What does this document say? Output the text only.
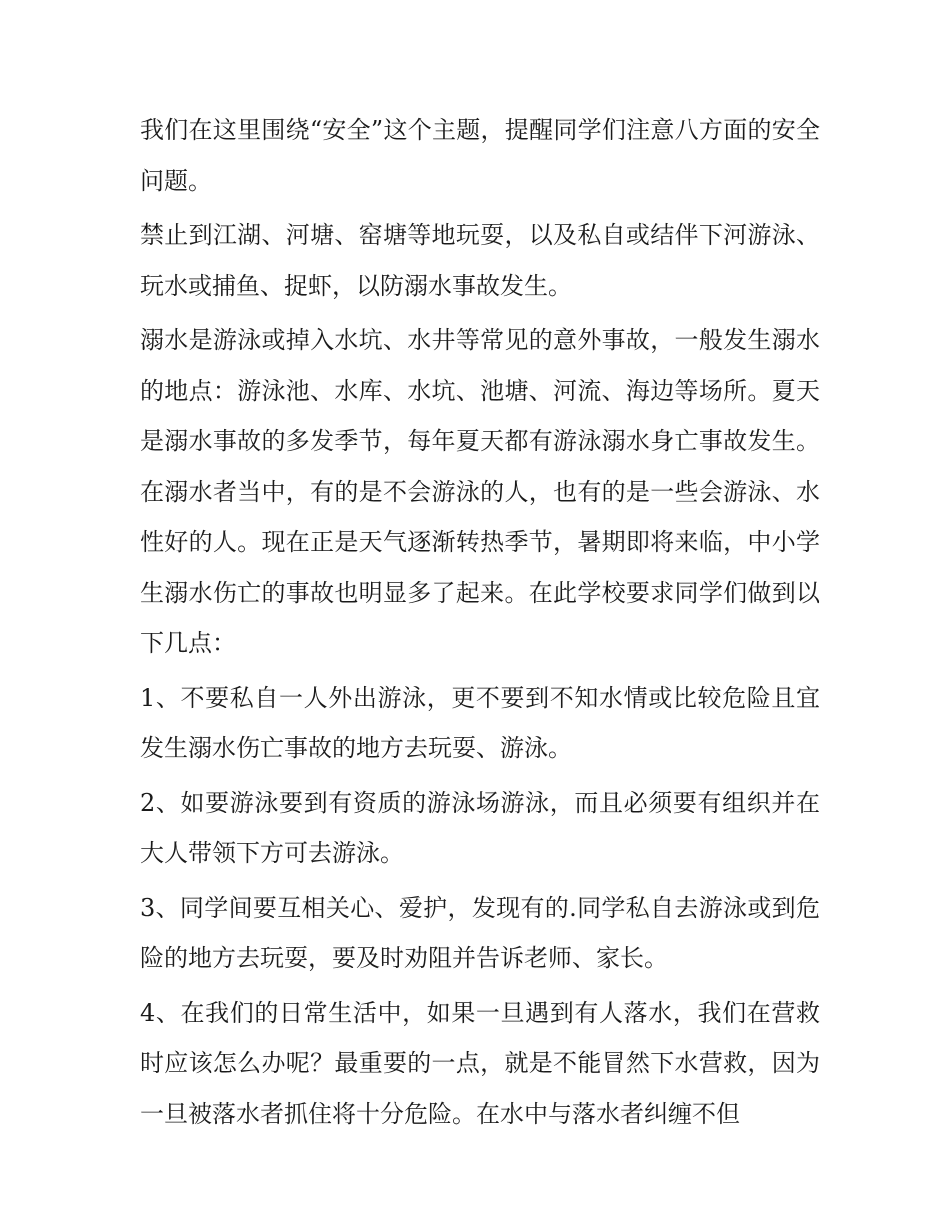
我们在这里围绕“安全”这个主题，提醒同学们注意八方面的安全问题。

禁止到江湖、河塘、窑塘等地玩耍，以及私自或结伴下河游泳、玩水或捕鱼、捉虾，以防溺水事故发生。

溺水是游泳或掉入水坑、水井等常见的意外事故，一般发生溺水的地点：游泳池、水库、水坑、池塘、河流、海边等场所。夏天是溺水事故的多发季节，每年夏天都有游泳溺水身亡事故发生。在溺水者当中，有的是不会游泳的人，也有的是一些会游泳、水性好的人。现在正是天气逐渐转热季节，暑期即将来临，中小学生溺水伤亡的事故也明显多了起来。在此学校要求同学们做到以下几点：

1、不要私自一人外出游泳，更不要到不知水情或比较危险且宜发生溺水伤亡事故的地方去玩耍、游泳。

2、如要游泳要到有资质的游泳场游泳，而且必须要有组织并在大人带领下方可去游泳。

3、同学间要互相关心、爱护，发现有的.同学私自去游泳或到危险的地方去玩耍，要及时劝阻并告诉老师、家长。

4、在我们的日常生活中，如果一旦遇到有人落水，我们在营救时应该怎么办呢？最重要的一点，就是不能冒然下水营救，因为一旦被落水者抓住将十分危险。在水中与落水者纠缠不但
